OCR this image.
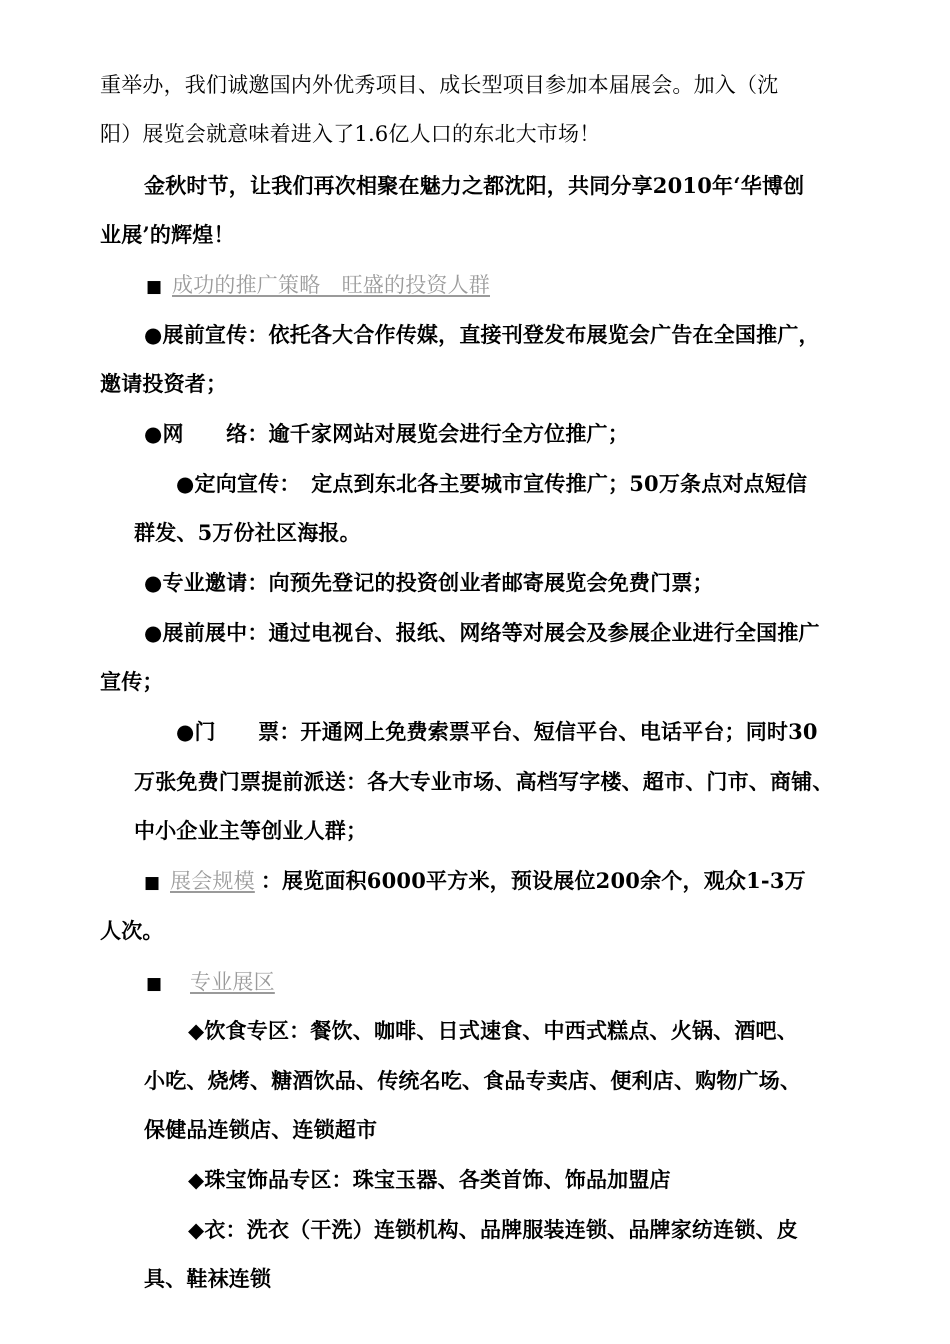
重举办，我们诚邀国内外优秀项目、成长型项目参加本届展会。加入（沈
阳）展览会就意味着进入了1.6亿人口的东北大市场！
金秋时节，让我们再次相聚在魅力之都沈阳，共同分享2010年‘华博创
业展’的辉煌！
■ 成功的推广策略　旺盛的投资人群
●展前宣传：依托各大合作传媒，直接刊登发布展览会广告在全国推广，
邀请投资者；
●网　　络：逾千家网站对展览会进行全方位推广；
●定向宣传：　定点到东北各主要城市宣传推广；50万条点对点短信
群发、5万份社区海报。
●专业邀请：向预先登记的投资创业者邮寄展览会免费门票；
●展前展中：通过电视台、报纸、网络等对展会及参展企业进行全国推广
宣传；
●门　　票：开通网上免费索票平台、短信平台、电话平台；同时30
万张免费门票提前派送：各大专业市场、高档写字楼、超市、门市、商铺、
中小企业主等创业人群；
■ 展会规模 ：展览面积6000平方米，预设展位200余个，观众1-3万
人次。
■ 专业展区
◆饮食专区：餐饮、咖啡、日式速食、中西式糕点、火锅、酒吧、
小吃、烧烤、糖酒饮品、传统名吃、食品专卖店、便利店、购物广场、
保健品连锁店、连锁超市
◆珠宝饰品专区：珠宝玉器、各类首饰、饰品加盟店
◆衣：洗衣（干洗）连锁机构、品牌服装连锁、品牌家纺连锁、皮
具、鞋袜连锁
